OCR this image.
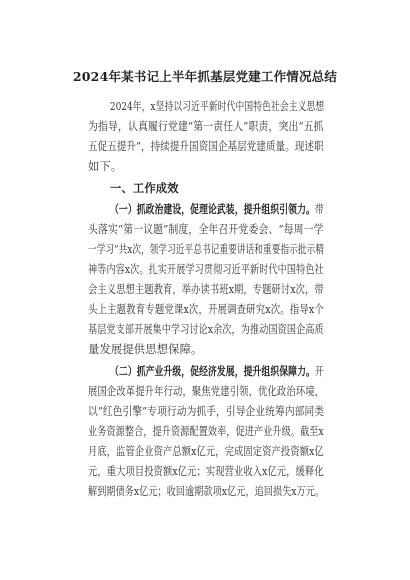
2024年某书记上半年抓基层党建工作情况总结
2024年，x坚持以习近平新时代中国特色社会主义思想
为指导，认真履行党建“第一责任人”职责，突出“五抓
五促五提升”，持续提升国资国企基层党建质量。现述职
如下。
一、工作成效
（一）抓政治建设，促理论武装，提升组织引领力。带
头落实“第一议题”制度，全年召开党委会、“每周一学
一学习”共x次，领学习近平总书记重要讲话和重要指示批示精
神等内容x次。扎实开展学习贯彻习近平新时代中国特色社
会主义思想主题教育，举办读书班x期，专题研讨x次，带
头上主题教育专题党课x次，开展调查研究x次。指导x个
基层党支部开展集中学习讨论x余次，为推动国资国企高质
量发展提供思想保障。
（二）抓产业升级，促经济发展，提升组织保障力。开
展国企改革提升年行动，聚焦党建引领，优化政治环境，
以“红色引擎”专项行动为抓手，引导企业统筹内部同类
业务资源整合，提升资源配置效率，促进产业升级。截至x
月底，监管企业资产总额x亿元，完成固定资产投资额x亿
元，重大项目投资额x亿元；实现营业收入x亿元，缓释化
解到期债务x亿元；收回逾期款项x亿元，追回损失x万元。
